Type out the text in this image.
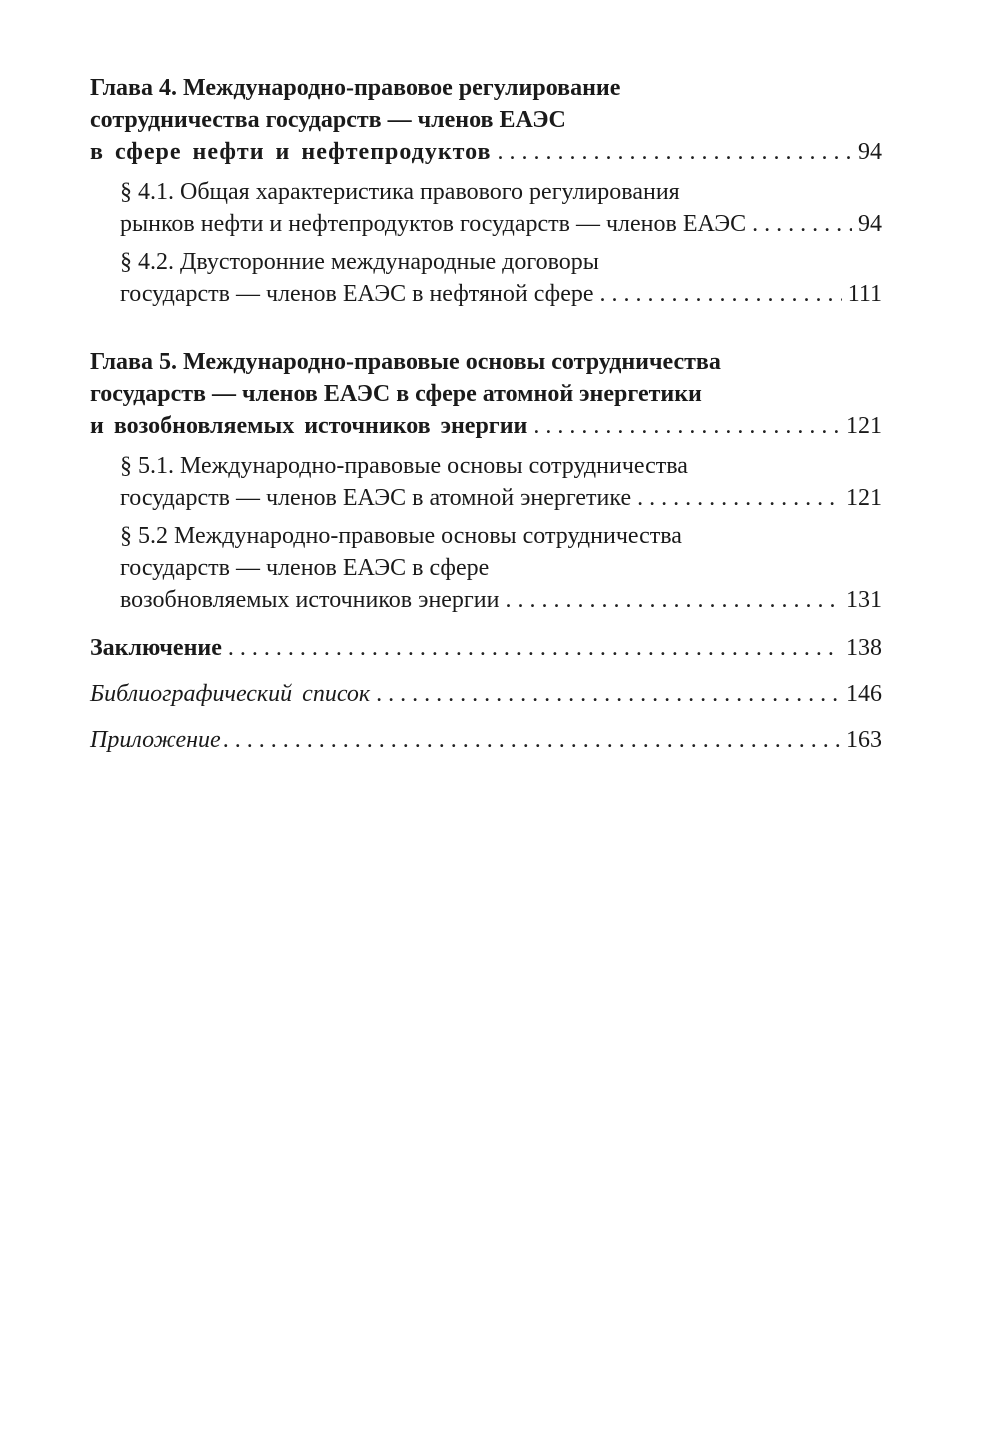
Глава 4. Международно-правовое регулирование
сотрудничества государств — членов ЕАЭС
в сфере нефти и нефтепродуктов . . .	94
§ 4.1. Общая характеристика правового регулирования
рынков нефти и нефтепродуктов государств — членов ЕАЭС . . .	94
§ 4.2. Двусторонние международные договоры
государств — членов ЕАЭС в нефтяной сфере . . .	111
Глава 5. Международно-правовые основы сотрудничества
государств — членов ЕАЭС в сфере атомной энергетики
и возобновляемых источников энергии . . .	121
§ 5.1. Международно-правовые основы сотрудничества
государств — членов ЕАЭС в атомной энергетике . . .	121
§ 5.2 Международно-правовые основы сотрудничества
государств — членов ЕАЭС в сфере
возобновляемых источников энергии . . .	131
Заключение . . .	138
Библиографический список . . .	146
Приложение . . .	163
